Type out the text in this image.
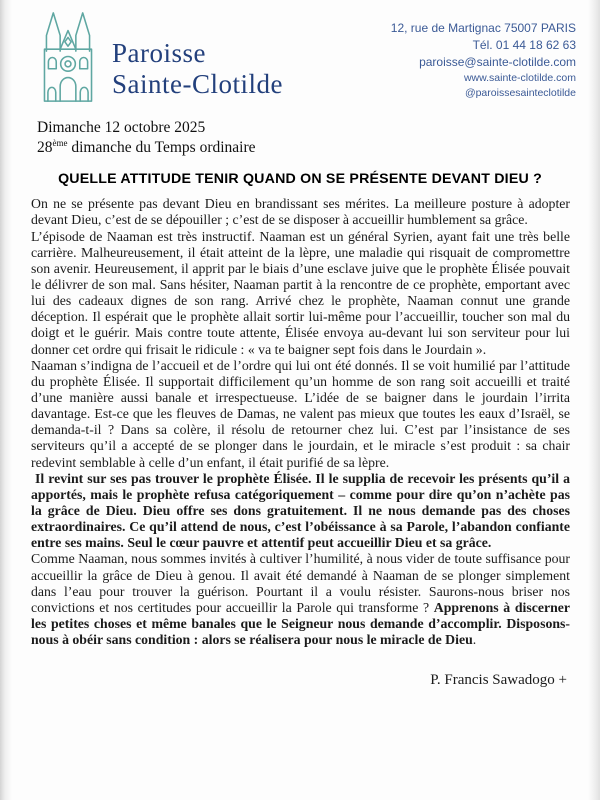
Paroisse
Sainte-Clotilde
12, rue de Martignac 75007 PARIS
Tél. 01 44 18 62 63
paroisse@sainte-clotilde.com
www.sainte-clotilde.com
@paroissesainteclotilde
Dimanche 12 octobre 2025
28ème dimanche du Temps ordinaire
QUELLE ATTITUDE TENIR QUAND ON SE PRÉSENTE DEVANT DIEU ?

On ne se présente pas devant Dieu en brandissant ses mérites. La meilleure posture à adopter devant Dieu, c’est de se dépouiller ; c’est de se disposer à accueillir humblement sa grâce.

L’épisode de Naaman est très instructif. Naaman est un général Syrien, ayant fait une très belle carrière. Malheureusement, il était atteint de la lèpre, une maladie qui risquait de compromettre son avenir. Heureusement, il apprit par le biais d’une esclave juive que le prophète Élisée pouvait le délivrer de son mal. Sans hésiter, Naaman partit à la rencontre de ce prophète, emportant avec lui des cadeaux dignes de son rang. Arrivé chez le prophète, Naaman connut une grande déception. Il espérait que le prophète allait sortir lui-même pour l’accueillir, toucher son mal du doigt et le guérir. Mais contre toute attente, Élisée envoya au-devant lui son serviteur pour lui donner cet ordre qui frisait le ridicule : « va te baigner sept fois dans le Jourdain ».

Naaman s’indigna de l’accueil et de l’ordre qui lui ont été donnés. Il se voit humilié par l’attitude du prophète Élisée. Il supportait difficilement qu’un homme de son rang soit accueilli et traité d’une manière aussi banale et irrespectueuse. L’idée de se baigner dans le jourdain l’irrita davantage. Est-ce que les fleuves de Damas, ne valent pas mieux que toutes les eaux d’Israël, se demanda-t-il ? Dans sa colère, il résolu de retourner chez lui. C’est par l’insistance de ses serviteurs qu’il a accepté de se plonger dans le jourdain, et le miracle s’est produit : sa chair redevint semblable à celle d’un enfant, il était purifié de sa lèpre.

Il revint sur ses pas trouver le prophète Élisée. Il le supplia de recevoir les présents qu’il a apportés, mais le prophète refusa catégoriquement – comme pour dire qu’on n’achète pas la grâce de Dieu. Dieu offre ses dons gratuitement. Il ne nous demande pas des choses extraordinaires. Ce qu’il attend de nous, c’est l’obéissance à sa Parole, l’abandon confiante entre ses mains. Seul le cœur pauvre et attentif peut accueillir Dieu et sa grâce.

Comme Naaman, nous sommes invités à cultiver l’humilité, à nous vider de toute suffisance pour accueillir la grâce de Dieu à genou. Il avait été demandé à Naaman de se plonger simplement dans l’eau pour trouver la guérison. Pourtant il a voulu résister. Saurons-nous briser nos convictions et nos certitudes pour accueillir la Parole qui transforme ? Apprenons à discerner les petites choses et même banales que le Seigneur nous demande d’accomplir. Disposons-nous à obéir sans condition : alors se réalisera pour nous le miracle de Dieu.

P. Francis Sawadogo +
